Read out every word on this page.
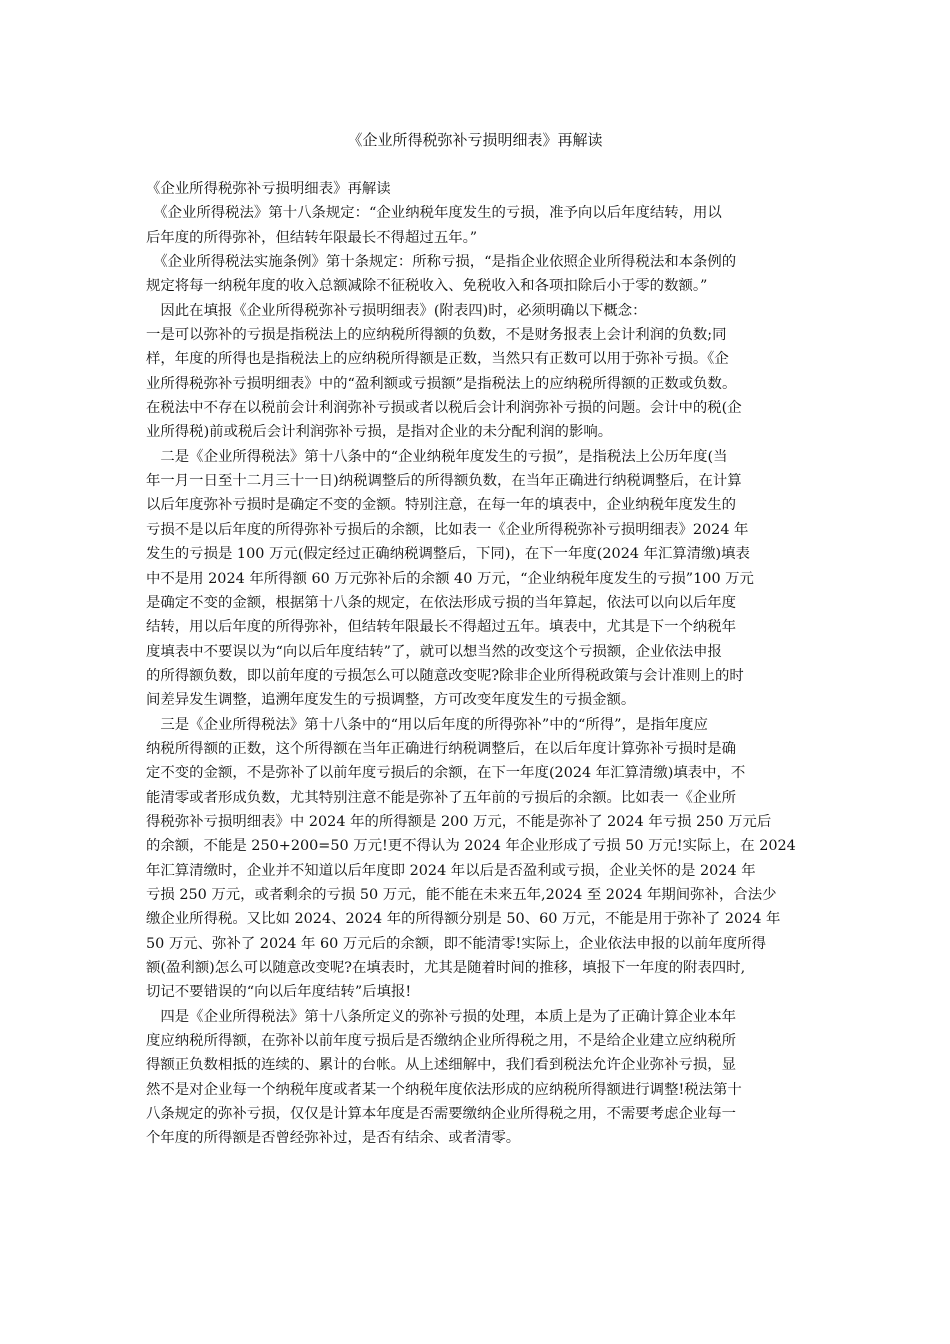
《企业所得税弥补亏损明细表》再解读
《企业所得税弥补亏损明细表》再解读
　《企业所得税法》第十八条规定：“企业纳税年度发生的亏损，准予向以后年度结转，用以
后年度的所得弥补，但结转年限最长不得超过五年。”
　《企业所得税法实施条例》第十条规定：所称亏损，“是指企业依照企业所得税法和本条例的
规定将每一纳税年度的收入总额减除不征税收入、免税收入和各项扣除后小于零的数额。”
　因此在填报《企业所得税弥补亏损明细表》(附表四)时，必须明确以下概念：
一是可以弥补的亏损是指税法上的应纳税所得额的负数，不是财务报表上会计利润的负数;同
样，年度的所得也是指税法上的应纳税所得额是正数，当然只有正数可以用于弥补亏损。《企
业所得税弥补亏损明细表》中的“盈利额或亏损额”是指税法上的应纳税所得额的正数或负数。
在税法中不存在以税前会计利润弥补亏损或者以税后会计利润弥补亏损的问题。会计中的税(企
业所得税)前或税后会计利润弥补亏损，是指对企业的未分配利润的影响。
　二是《企业所得税法》第十八条中的“企业纳税年度发生的亏损”，是指税法上公历年度(当
年一月一日至十二月三十一日)纳税调整后的所得额负数，在当年正确进行纳税调整后，在计算
以后年度弥补亏损时是确定不变的金额。特别注意，在每一年的填表中，企业纳税年度发生的
亏损不是以后年度的所得弥补亏损后的余额，比如表一《企业所得税弥补亏损明细表》2024 年
发生的亏损是 100 万元(假定经过正确纳税调整后，下同)，在下一年度(2024 年汇算清缴)填表
中不是用 2024 年所得额 60 万元弥补后的余额 40 万元，“企业纳税年度发生的亏损”100 万元
是确定不变的金额，根据第十八条的规定，在依法形成亏损的当年算起，依法可以向以后年度
结转，用以后年度的所得弥补，但结转年限最长不得超过五年。填表中，尤其是下一个纳税年
度填表中不要误以为“向以后年度结转”了，就可以想当然的改变这个亏损额，企业依法申报
的所得额负数，即以前年度的亏损怎么可以随意改变呢?除非企业所得税政策与会计准则上的时
间差异发生调整，追溯年度发生的亏损调整，方可改变年度发生的亏损金额。
　三是《企业所得税法》第十八条中的“用以后年度的所得弥补”中的“所得”，是指年度应
纳税所得额的正数，这个所得额在当年正确进行纳税调整后，在以后年度计算弥补亏损时是确
定不变的金额，不是弥补了以前年度亏损后的余额，在下一年度(2024 年汇算清缴)填表中，不
能清零或者形成负数，尤其特别注意不能是弥补了五年前的亏损后的余额。比如表一《企业所
得税弥补亏损明细表》中 2024 年的所得额是 200 万元，不能是弥补了 2024 年亏损 250 万元后
的余额，不能是 250+200=50 万元!更不得认为 2024 年企业形成了亏损 50 万元!实际上，在 2024
年汇算清缴时，企业并不知道以后年度即 2024 年以后是否盈利或亏损，企业关怀的是 2024 年
亏损 250 万元，或者剩余的亏损 50 万元，能不能在未来五年,2024 至 2024 年期间弥补，合法少
缴企业所得税。又比如 2024、2024 年的所得额分别是 50、60 万元，不能是用于弥补了 2024 年
50 万元、弥补了 2024 年 60 万元后的余额，即不能清零!实际上，企业依法申报的以前年度所得
额(盈利额)怎么可以随意改变呢?在填表时，尤其是随着时间的推移，填报下一年度的附表四时,
切记不要错误的“向以后年度结转”后填报!
　四是《企业所得税法》第十八条所定义的弥补亏损的处理，本质上是为了正确计算企业本年
度应纳税所得额，在弥补以前年度亏损后是否缴纳企业所得税之用，不是给企业建立应纳税所
得额正负数相抵的连续的、累计的台帐。从上述细解中，我们看到税法允许企业弥补亏损，显
然不是对企业每一个纳税年度或者某一个纳税年度依法形成的应纳税所得额进行调整!税法第十
八条规定的弥补亏损，仅仅是计算本年度是否需要缴纳企业所得税之用，不需要考虑企业每一
个年度的所得额是否曾经弥补过，是否有结余、或者清零。
